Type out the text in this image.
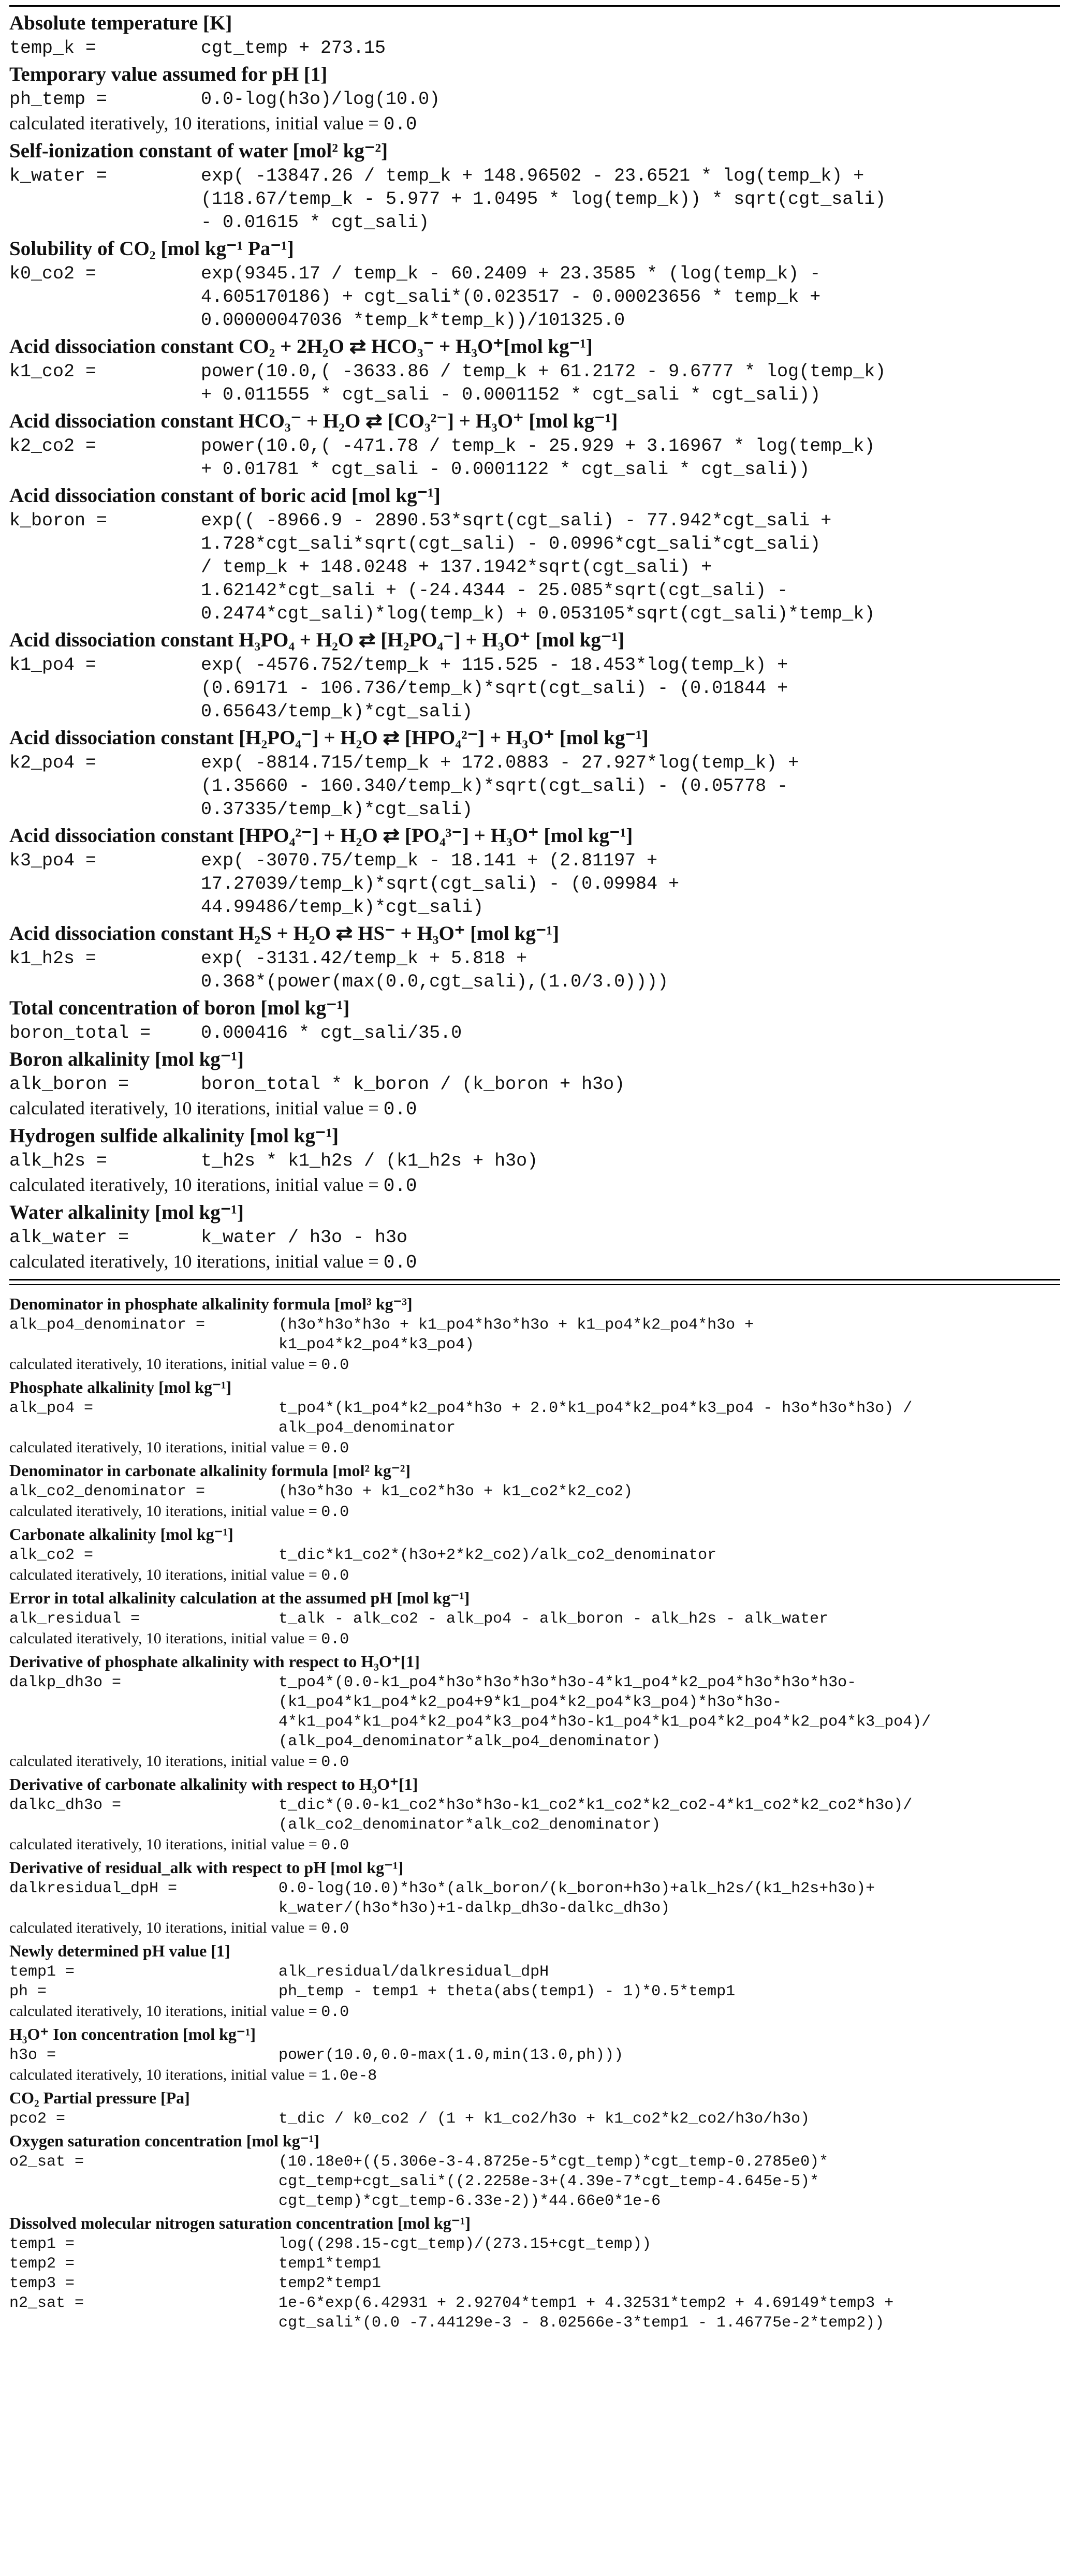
Absolute temperature [K]
temp_k =	cgt_temp + 273.15
Temporary value assumed for pH [1]
ph_temp =	0.0-log(h3o)/log(10.0)
calculated iteratively, 10 iterations, initial value = 0.0
Self-ionization constant of water [mol² kg⁻²]
k_water =	exp( -13847.26 / temp_k + 148.96502 - 23.6521 * log(temp_k) +
(118.67/temp_k - 5.977 + 1.0495 * log(temp_k)) * sqrt(cgt_sali)
- 0.01615 * cgt_sali)
Solubility of CO₂ [mol kg⁻¹ Pa⁻¹]
k0_co2 =	exp(9345.17 / temp_k - 60.2409 + 23.3585 * (log(temp_k) -
4.605170186) + cgt_sali*(0.023517 - 0.00023656 * temp_k +
0.00000047036 *temp_k*temp_k))/101325.0
Acid dissociation constant CO₂ + 2H₂O ⇄ HCO₃⁻ + H₃O⁺[mol kg⁻¹]
k1_co2 =	power(10.0,( -3633.86 / temp_k + 61.2172 - 9.6777 * log(temp_k)
+ 0.011555 * cgt_sali - 0.0001152 * cgt_sali * cgt_sali))
Acid dissociation constant HCO₃⁻ + H₂O ⇄ [CO₃²⁻] + H₃O⁺ [mol kg⁻¹]
k2_co2 =	power(10.0,( -471.78 / temp_k - 25.929 + 3.16967 * log(temp_k)
+ 0.01781 * cgt_sali - 0.0001122 * cgt_sali * cgt_sali))
Acid dissociation constant of boric acid [mol kg⁻¹]
k_boron =	exp(( -8966.9 - 2890.53*sqrt(cgt_sali) - 77.942*cgt_sali +
1.728*cgt_sali*sqrt(cgt_sali) - 0.0996*cgt_sali*cgt_sali)
/ temp_k + 148.0248 + 137.1942*sqrt(cgt_sali) +
1.62142*cgt_sali + (-24.4344 - 25.085*sqrt(cgt_sali) -
0.2474*cgt_sali)*log(temp_k) + 0.053105*sqrt(cgt_sali)*temp_k)
Acid dissociation constant H₃PO₄ + H₂O ⇄ [H₂PO₄⁻] + H₃O⁺ [mol kg⁻¹]
k1_po4 =	exp( -4576.752/temp_k + 115.525 - 18.453*log(temp_k) +
(0.69171 - 106.736/temp_k)*sqrt(cgt_sali) - (0.01844 +
0.65643/temp_k)*cgt_sali)
Acid dissociation constant [H₂PO₄⁻] + H₂O ⇄ [HPO₄²⁻] + H₃O⁺ [mol kg⁻¹]
k2_po4 =	exp( -8814.715/temp_k + 172.0883 - 27.927*log(temp_k) +
(1.35660 - 160.340/temp_k)*sqrt(cgt_sali) - (0.05778 -
0.37335/temp_k)*cgt_sali)
Acid dissociation constant [HPO₄²⁻] + H₂O ⇄ [PO₄³⁻] + H₃O⁺ [mol kg⁻¹]
k3_po4 =	exp( -3070.75/temp_k - 18.141 + (2.81197 +
17.27039/temp_k)*sqrt(cgt_sali) - (0.09984 +
44.99486/temp_k)*cgt_sali)
Acid dissociation constant H₂S + H₂O ⇄ HS⁻ + H₃O⁺ [mol kg⁻¹]
k1_h2s =	exp( -3131.42/temp_k + 5.818 +
0.368*(power(max(0.0,cgt_sali),(1.0/3.0))))
Total concentration of boron [mol kg⁻¹]
boron_total =	0.000416 * cgt_sali/35.0
Boron alkalinity [mol kg⁻¹]
alk_boron =	boron_total * k_boron / (k_boron + h3o)
calculated iteratively, 10 iterations, initial value = 0.0
Hydrogen sulfide alkalinity [mol kg⁻¹]
alk_h2s =	t_h2s * k1_h2s / (k1_h2s + h3o)
calculated iteratively, 10 iterations, initial value = 0.0
Water alkalinity [mol kg⁻¹]
alk_water =	k_water / h3o - h3o
calculated iteratively, 10 iterations, initial value = 0.0
Denominator in phosphate alkalinity formula [mol³ kg⁻³]
alk_po4_denominator =	(h3o*h3o*h3o + k1_po4*h3o*h3o + k1_po4*k2_po4*h3o +
k1_po4*k2_po4*k3_po4)
calculated iteratively, 10 iterations, initial value = 0.0
Phosphate alkalinity [mol kg⁻¹]
alk_po4 =	t_po4*(k1_po4*k2_po4*h3o + 2.0*k1_po4*k2_po4*k3_po4 - h3o*h3o*h3o) /
alk_po4_denominator
calculated iteratively, 10 iterations, initial value = 0.0
Denominator in carbonate alkalinity formula [mol² kg⁻²]
alk_co2_denominator =	(h3o*h3o + k1_co2*h3o + k1_co2*k2_co2)
calculated iteratively, 10 iterations, initial value = 0.0
Carbonate alkalinity [mol kg⁻¹]
alk_co2 =	t_dic*k1_co2*(h3o+2*k2_co2)/alk_co2_denominator
calculated iteratively, 10 iterations, initial value = 0.0
Error in total alkalinity calculation at the assumed pH [mol kg⁻¹]
alk_residual =	t_alk - alk_co2 - alk_po4 - alk_boron - alk_h2s - alk_water
calculated iteratively, 10 iterations, initial value = 0.0
Derivative of phosphate alkalinity with respect to H₃O⁺[1]
dalkp_dh3o =	t_po4*(0.0-k1_po4*h3o*h3o*h3o*h3o-4*k1_po4*k2_po4*h3o*h3o*h3o-
(k1_po4*k1_po4*k2_po4+9*k1_po4*k2_po4*k3_po4)*h3o*h3o-
4*k1_po4*k1_po4*k2_po4*k3_po4*h3o-k1_po4*k1_po4*k2_po4*k2_po4*k3_po4)/
(alk_po4_denominator*alk_po4_denominator)
calculated iteratively, 10 iterations, initial value = 0.0
Derivative of carbonate alkalinity with respect to H₃O⁺[1]
dalkc_dh3o =	t_dic*(0.0-k1_co2*h3o*h3o-k1_co2*k1_co2*k2_co2-4*k1_co2*k2_co2*h3o)/
(alk_co2_denominator*alk_co2_denominator)
calculated iteratively, 10 iterations, initial value = 0.0
Derivative of residual_alk with respect to pH [mol kg⁻¹]
dalkresidual_dpH =	0.0-log(10.0)*h3o*(alk_boron/(k_boron+h3o)+alk_h2s/(k1_h2s+h3o)+
k_water/(h3o*h3o)+1-dalkp_dh3o-dalkc_dh3o)
calculated iteratively, 10 iterations, initial value = 0.0
Newly determined pH value [1]
temp1 =	alk_residual/dalkresidual_dpH
ph =	ph_temp - temp1 + theta(abs(temp1) - 1)*0.5*temp1
calculated iteratively, 10 iterations, initial value = 0.0
H₃O⁺ Ion concentration [mol kg⁻¹]
h3o =	power(10.0,0.0-max(1.0,min(13.0,ph)))
calculated iteratively, 10 iterations, initial value = 1.0e-8
CO₂ Partial pressure [Pa]
pco2 =	t_dic / k0_co2 / (1 + k1_co2/h3o + k1_co2*k2_co2/h3o/h3o)
Oxygen saturation concentration [mol kg⁻¹]
o2_sat =	(10.18e0+((5.306e-3-4.8725e-5*cgt_temp)*cgt_temp-0.2785e0)*
cgt_temp+cgt_sali*((2.2258e-3+(4.39e-7*cgt_temp-4.645e-5)*
cgt_temp)*cgt_temp-6.33e-2))*44.66e0*1e-6
Dissolved molecular nitrogen saturation concentration [mol kg⁻¹]
temp1 =	log((298.15-cgt_temp)/(273.15+cgt_temp))
temp2 =	temp1*temp1
temp3 =	temp2*temp1
n2_sat =	1e-6*exp(6.42931 + 2.92704*temp1 + 4.32531*temp2 + 4.69149*temp3 +
cgt_sali*(0.0 -7.44129e-3 - 8.02566e-3*temp1 - 1.46775e-2*temp2))
